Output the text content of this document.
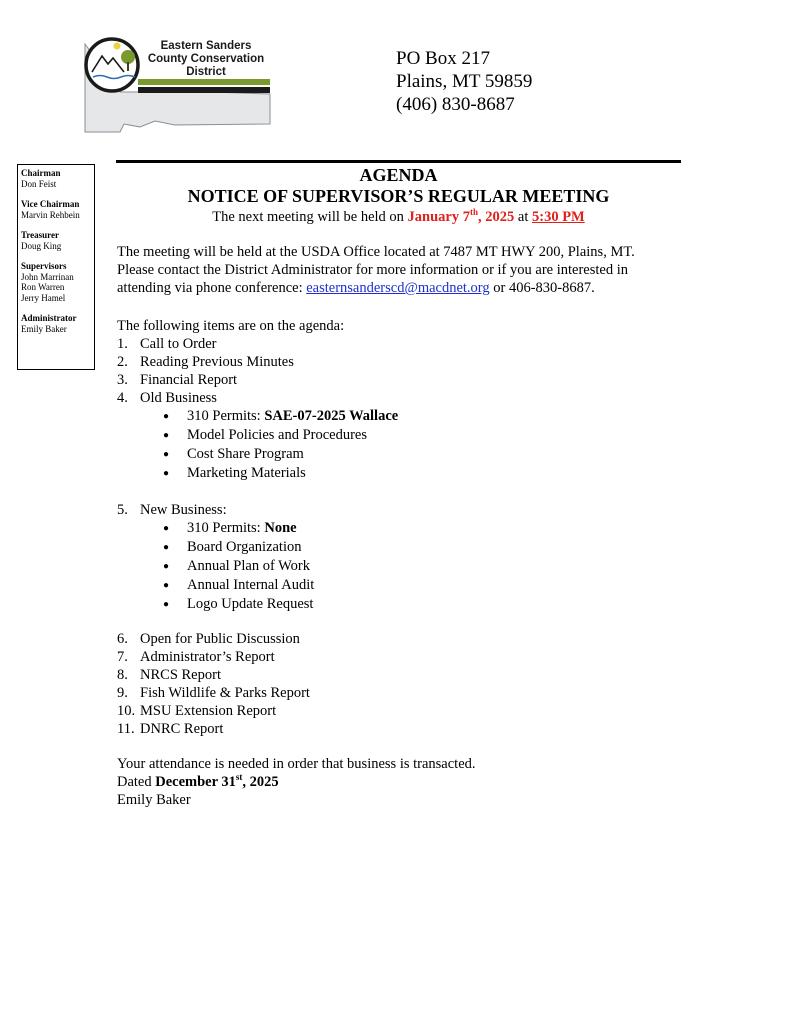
Eastern Sanders
County Conservation
District
PO Box 217
Plains, MT 59859
(406) 830-8687
Chairman
Don Feist
Vice Chairman
Marvin Rehbein
Treasurer
Doug King
Supervisors
John Marrinan
Ron Warren
Jerry Hamel
Administrator
Emily Baker
AGENDA
NOTICE OF SUPERVISOR’S REGULAR MEETING
The next meeting will be held on January 7th, 2025 at 5:30 PM
The meeting will be held at the USDA Office located at 7487 MT HWY 200, Plains, MT.
Please contact the District Administrator for more information or if you are interested in
attending via phone conference: easternsanderscd@macdnet.org or 406-830-8687.
The following items are on the agenda:
1. Call to Order
2. Reading Previous Minutes
3. Financial Report
4. Old Business
● 310 Permits: SAE-07-2025 Wallace
● Model Policies and Procedures
● Cost Share Program
● Marketing Materials
5. New Business:
● 310 Permits: None
● Board Organization
● Annual Plan of Work
● Annual Internal Audit
● Logo Update Request
6. Open for Public Discussion
7. Administrator’s Report
8. NRCS Report
9. Fish Wildlife & Parks Report
10. MSU Extension Report
11. DNRC Report
Your attendance is needed in order that business is transacted.
Dated December 31st, 2025
Emily Baker
